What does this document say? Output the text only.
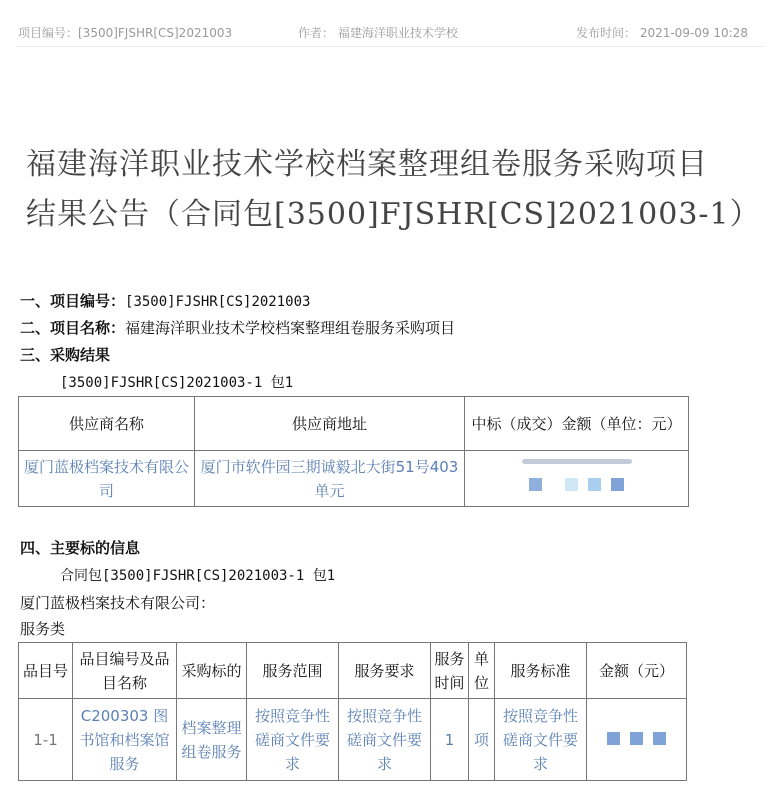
项目编号：[3500]FJSHR[CS]2021003	作者： 福建海洋职业技术学校	发布时间： 2021-09-09 10:28
福建海洋职业技术学校档案整理组卷服务采购项目
结果公告（合同包[3500]FJSHR[CS]2021003-1）
一、项目编号：[3500]FJSHR[CS]2021003
二、项目名称：福建海洋职业技术学校档案整理组卷服务采购项目
三、采购结果
[3500]FJSHR[CS]2021003-1 包1
供应商名称	供应商地址	中标（成交）金额（单位：元）
厦门蓝极档案技术有限公司	厦门市软件园三期诚毅北大街51号403单元	
四、主要标的信息
合同包[3500]FJSHR[CS]2021003-1 包1
厦门蓝极档案技术有限公司：
服务类
品目号	品目编号及品目名称	采购标的	服务范围	服务要求	服务时间	单位	服务标准	金额（元）
1-1	C200303 图书馆和档案馆服务	档案整理组卷服务	按照竞争性磋商文件要求	按照竞争性磋商文件要求	1	项	按照竞争性磋商文件要求	
